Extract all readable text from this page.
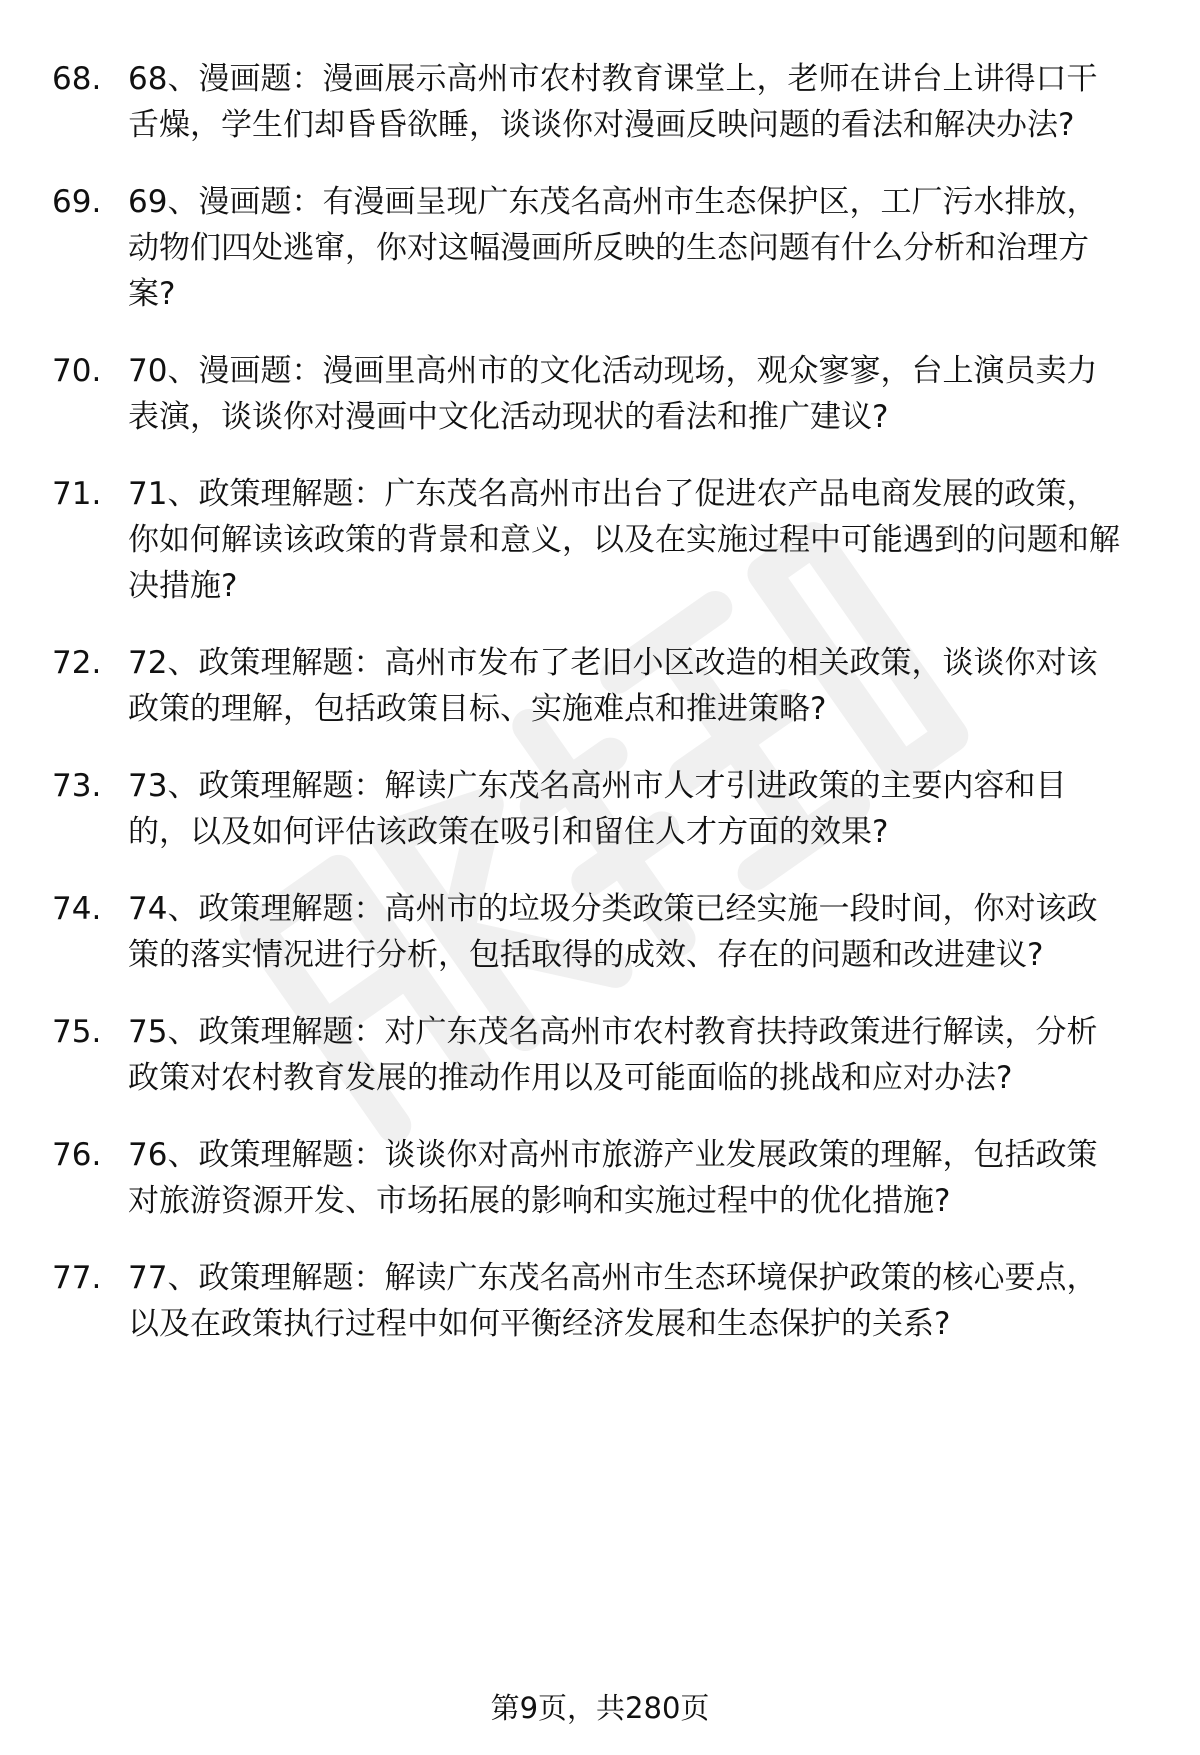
68. 68、漫画题：漫画展示高州市农村教育课堂上，老师在讲台上讲得口干舌燥，学生们却昏昏欲睡，谈谈你对漫画反映问题的看法和解决办法?
69. 69、漫画题：有漫画呈现广东茂名高州市生态保护区，工厂污水排放，动物们四处逃窜，你对这幅漫画所反映的生态问题有什么分析和治理方案?
70. 70、漫画题：漫画里高州市的文化活动现场，观众寥寥，台上演员卖力表演，谈谈你对漫画中文化活动现状的看法和推广建议?
71. 71、政策理解题：广东茂名高州市出台了促进农产品电商发展的政策，你如何解读该政策的背景和意义，以及在实施过程中可能遇到的问题和解决措施?
72. 72、政策理解题：高州市发布了老旧小区改造的相关政策，谈谈你对该政策的理解，包括政策目标、实施难点和推进策略?
73. 73、政策理解题：解读广东茂名高州市人才引进政策的主要内容和目的，以及如何评估该政策在吸引和留住人才方面的效果?
74. 74、政策理解题：高州市的垃圾分类政策已经实施一段时间，你对该政策的落实情况进行分析，包括取得的成效、存在的问题和改进建议?
75. 75、政策理解题：对广东茂名高州市农村教育扶持政策进行解读，分析政策对农村教育发展的推动作用以及可能面临的挑战和应对办法?
76. 76、政策理解题：谈谈你对高州市旅游产业发展政策的理解，包括政策对旅游资源开发、市场拓展的影响和实施过程中的优化措施?
77. 77、政策理解题：解读广东茂名高州市生态环境保护政策的核心要点，以及在政策执行过程中如何平衡经济发展和生态保护的关系?
第9页，共280页
